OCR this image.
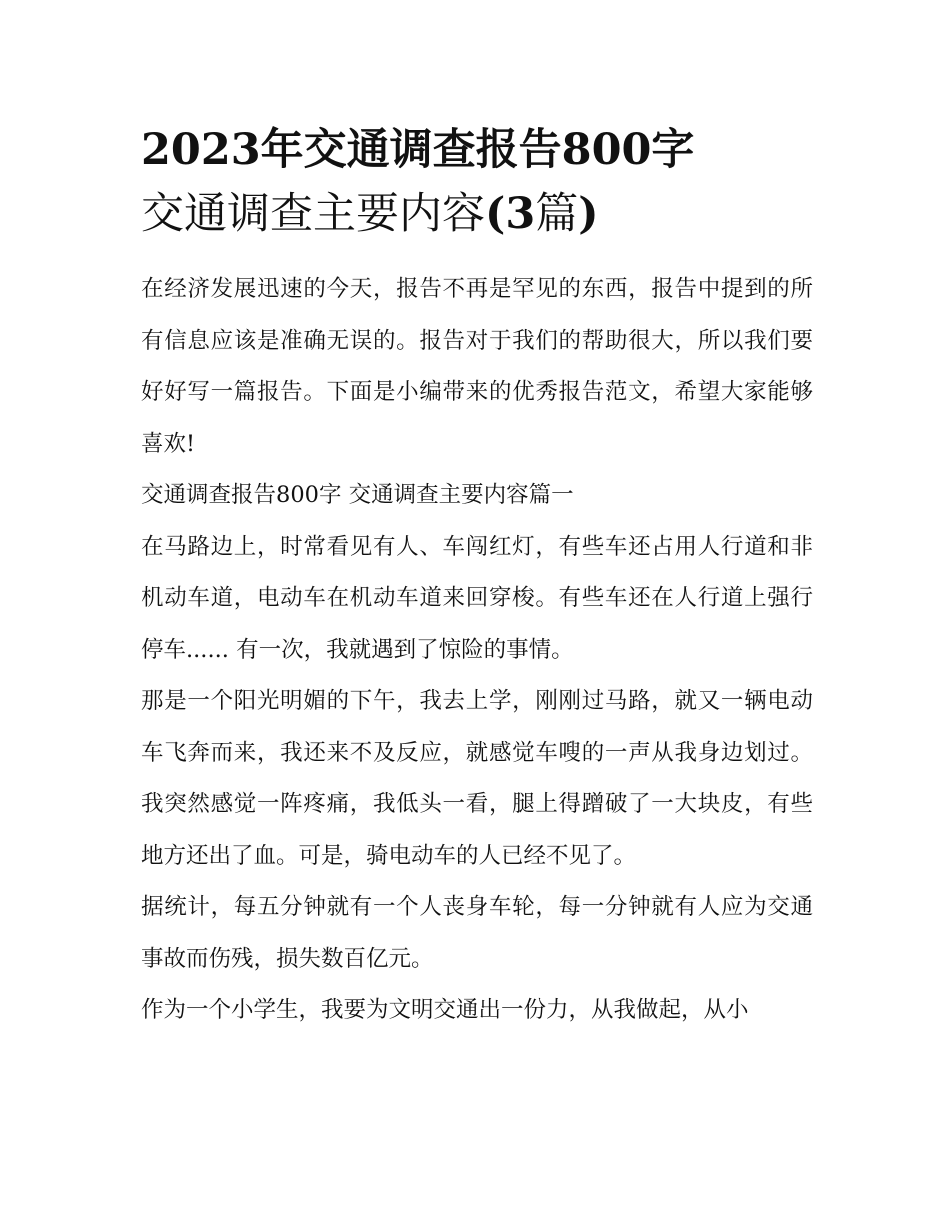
2023年交通调查报告800字
交通调查主要内容(3篇)

在经济发展迅速的今天，报告不再是罕见的东西，报告中提到的所有信息应该是准确无误的。报告对于我们的帮助很大，所以我们要好好写一篇报告。下面是小编带来的优秀报告范文，希望大家能够喜欢!

交通调查报告800字 交通调查主要内容篇一

在马路边上，时常看见有人、车闯红灯，有些车还占用人行道和非机动车道，电动车在机动车道来回穿梭。有些车还在人行道上强行停车...... 有一次，我就遇到了惊险的事情。

那是一个阳光明媚的下午，我去上学，刚刚过马路，就又一辆电动车飞奔而来，我还来不及反应，就感觉车嗖的一声从我身边划过。我突然感觉一阵疼痛，我低头一看，腿上得蹭破了一大块皮，有些地方还出了血。可是，骑电动车的人已经不见了。

据统计，每五分钟就有一个人丧身车轮，每一分钟就有人应为交通事故而伤残，损失数百亿元。

作为一个小学生，我要为文明交通出一份力，从我做起，从小
